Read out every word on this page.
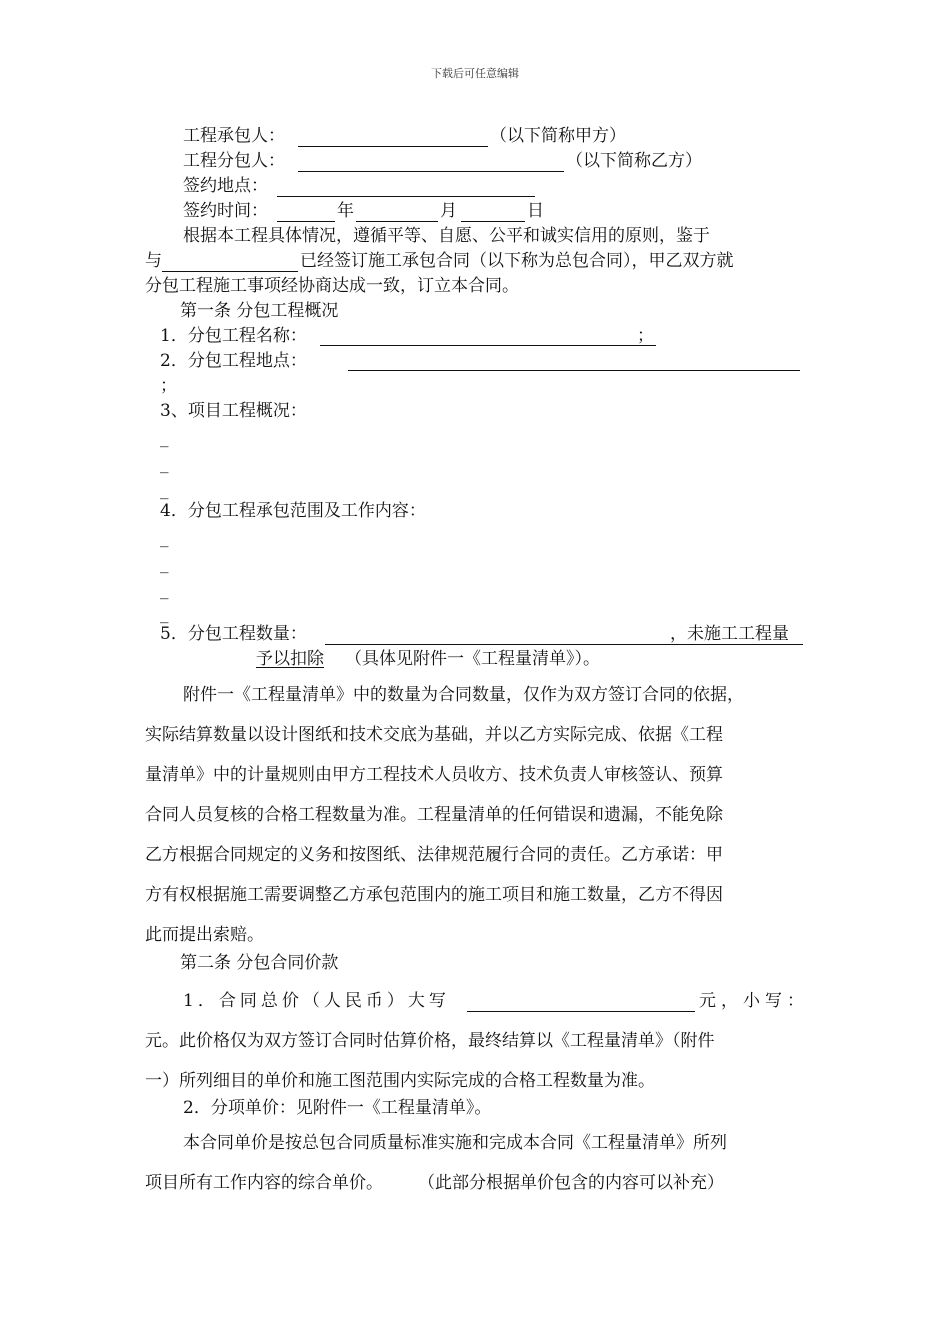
下载后可任意编辑
工程承包人：	（以下简称甲方）
工程分包人：	（以下简称乙方）
签约地点：
签约时间：	年	月	日
根据本工程具体情况，遵循平等、自愿、公平和诚实信用的原则，鉴于
与	已经签订施工承包合同（以下称为总包合同），甲乙双方就
分包工程施工事项经协商达成一致，订立本合同。
第一条 分包工程概况
1．分包工程名称：	；
2．分包工程地点：
；
3、项目工程概况：
_
_
_
4．分包工程承包范围及工作内容：
_
_
_
_
5．分包工程数量：	，未施工工程量
予以扣除 （具体见附件一《工程量清单》）。
附件一《工程量清单》中的数量为合同数量，仅作为双方签订合同的依据，
实际结算数量以设计图纸和技术交底为基础，并以乙方实际完成、依据《工程
量清单》中的计量规则由甲方工程技术人员收方、技术负责人审核签认、预算
合同人员复核的合格工程数量为准。工程量清单的任何错误和遗漏，不能免除
乙方根据合同规定的义务和按图纸、法律规范履行合同的责任。乙方承诺：甲
方有权根据施工需要调整乙方承包范围内的施工项目和施工数量，乙方不得因
此而提出索赔。
第二条 分包合同价款
1．合同总价（人民币）大写	元，小写：
元。此价格仅为双方签订合同时估算价格，最终结算以《工程量清单》（附件
一）所列细目的单价和施工图范围内实际完成的合格工程数量为准。
2．分项单价：见附件一《工程量清单》。
本合同单价是按总包合同质量标准实施和完成本合同《工程量清单》所列
项目所有工作内容的综合单价。 （此部分根据单价包含的内容可以补充）
